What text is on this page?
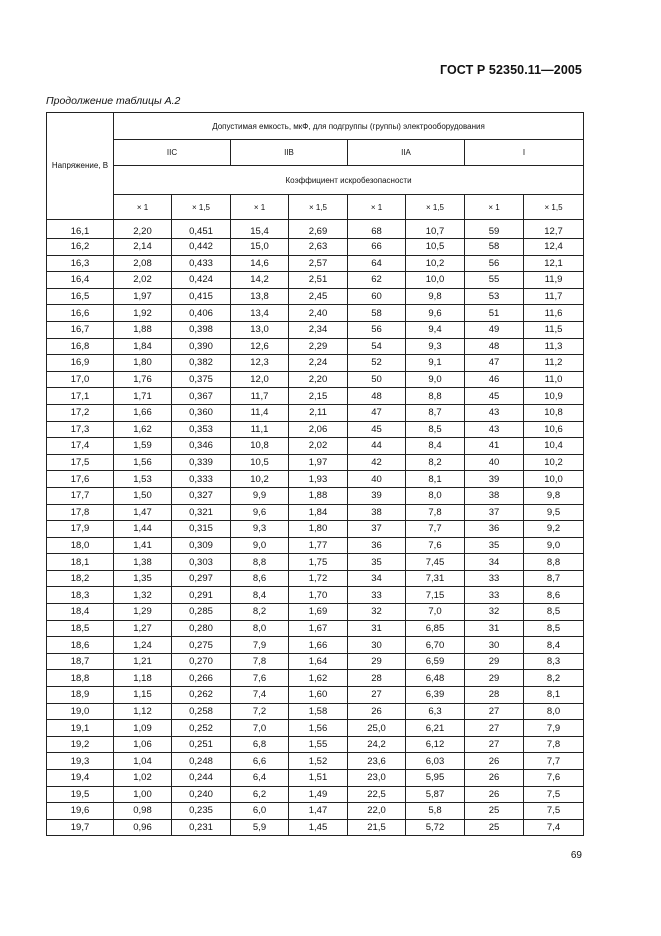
ГОСТ Р 52350.11—2005
Продолжение таблицы А.2
Напряжение, В	Допустимая емкость, мкФ, для подгруппы (группы) электрооборудования							
	IIC		IIB		IIA		I	
	Коэффициент искробезопасности							
	× 1	× 1,5	× 1	× 1,5	× 1	× 1,5	× 1	× 1,5
16,1	2,20	0,451	15,4	2,69	68	10,7	59	12,7
16,2	2,14	0,442	15,0	2,63	66	10,5	58	12,4
16,3	2,08	0,433	14,6	2,57	64	10,2	56	12,1
16,4	2,02	0,424	14,2	2,51	62	10,0	55	11,9
16,5	1,97	0,415	13,8	2,45	60	9,8	53	11,7
16,6	1,92	0,406	13,4	2,40	58	9,6	51	11,6
16,7	1,88	0,398	13,0	2,34	56	9,4	49	11,5
16,8	1,84	0,390	12,6	2,29	54	9,3	48	11,3
16,9	1,80	0,382	12,3	2,24	52	9,1	47	11,2
17,0	1,76	0,375	12,0	2,20	50	9,0	46	11,0
17,1	1,71	0,367	11,7	2,15	48	8,8	45	10,9
17,2	1,66	0,360	11,4	2,11	47	8,7	43	10,8
17,3	1,62	0,353	11,1	2,06	45	8,5	43	10,6
17,4	1,59	0,346	10,8	2,02	44	8,4	41	10,4
17,5	1,56	0,339	10,5	1,97	42	8,2	40	10,2
17,6	1,53	0,333	10,2	1,93	40	8,1	39	10,0
17,7	1,50	0,327	9,9	1,88	39	8,0	38	9,8
17,8	1,47	0,321	9,6	1,84	38	7,8	37	9,5
17,9	1,44	0,315	9,3	1,80	37	7,7	36	9,2
18,0	1,41	0,309	9,0	1,77	36	7,6	35	9,0
18,1	1,38	0,303	8,8	1,75	35	7,45	34	8,8
18,2	1,35	0,297	8,6	1,72	34	7,31	33	8,7
18,3	1,32	0,291	8,4	1,70	33	7,15	33	8,6
18,4	1,29	0,285	8,2	1,69	32	7,0	32	8,5
18,5	1,27	0,280	8,0	1,67	31	6,85	31	8,5
18,6	1,24	0,275	7,9	1,66	30	6,70	30	8,4
18,7	1,21	0,270	7,8	1,64	29	6,59	29	8,3
18,8	1,18	0,266	7,6	1,62	28	6,48	29	8,2
18,9	1,15	0,262	7,4	1,60	27	6,39	28	8,1
19,0	1,12	0,258	7,2	1,58	26	6,3	27	8,0
19,1	1,09	0,252	7,0	1,56	25,0	6,21	27	7,9
19,2	1,06	0,251	6,8	1,55	24,2	6,12	27	7,8
19,3	1,04	0,248	6,6	1,52	23,6	6,03	26	7,7
19,4	1,02	0,244	6,4	1,51	23,0	5,95	26	7,6
19,5	1,00	0,240	6,2	1,49	22,5	5,87	26	7,5
19,6	0,98	0,235	6,0	1,47	22,0	5,8	25	7,5
19,7	0,96	0,231	5,9	1,45	21,5	5,72	25	7,4
69
